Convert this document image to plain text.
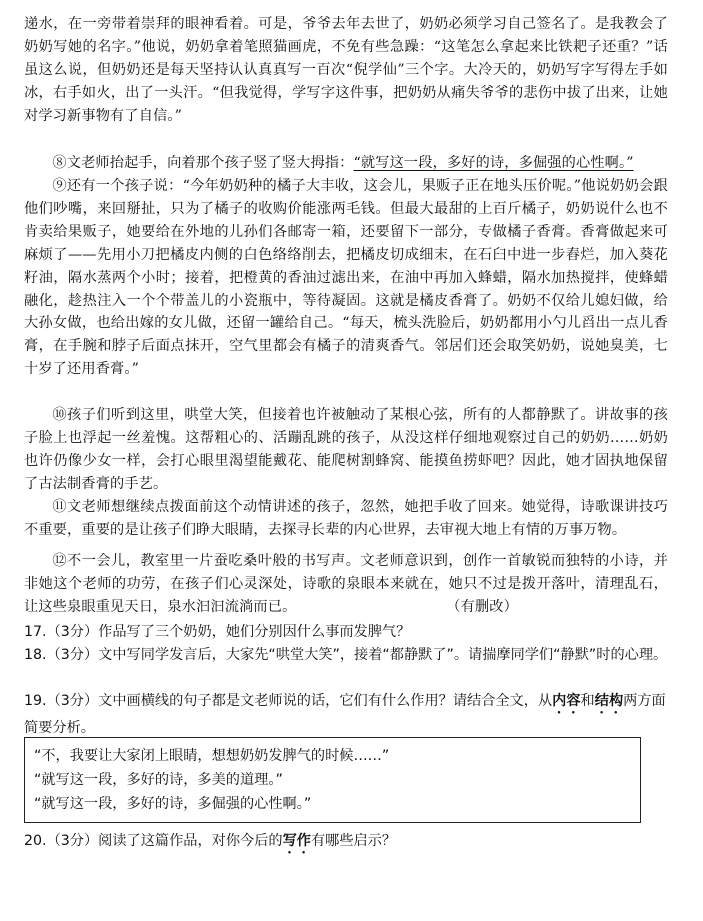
递水，在一旁带着崇拜的眼神看着。可是，爷爷去年去世了，奶奶必须学习自己签名了。是我教会了奶奶写她的名字。”他说，奶奶拿着笔照猫画虎，不免有些急躁：“这笔怎么拿起来比铁耙子还重？”话虽这么说，但奶奶还是每天坚持认认真真写一百次“倪学仙”三个字。大冷天的，奶奶写字写得左手如冰，右手如火，出了一头汗。“但我觉得，学写字这件事，把奶奶从痛失爷爷的悲伤中拔了出来，让她对学习新事物有了自信。”
⑧文老师抬起手，向着那个孩子竖了竖大拇指：“就写这一段，多好的诗，多倔强的心性啊。”
⑨还有一个孩子说：“今年奶奶种的橘子大丰收，这会儿，果贩子正在地头压价呢。”他说奶奶会跟他们吵嘴，来回掰扯，只为了橘子的收购价能涨两毛钱。但最大最甜的上百斤橘子，奶奶说什么也不肯卖给果贩子，她要给在外地的儿孙们各邮寄一箱，还要留下一部分，专做橘子香膏。香膏做起来可麻烦了——先用小刀把橘皮内侧的白色络络削去，把橘皮切成细末，在石臼中进一步舂烂，加入葵花籽油，隔水蒸两个小时；接着，把橙黄的香油过滤出来，在油中再加入蜂蜡，隔水加热搅拌，使蜂蜡融化，趁热注入一个个带盖儿的小瓷瓶中，等待凝固。这就是橘皮香膏了。奶奶不仅给儿媳妇做，给大孙女做，也给出嫁的女儿做，还留一罐给自己。“每天，梳头洗脸后，奶奶都用小勺儿舀出一点儿香膏，在手腕和脖子后面点抹开，空气里都会有橘子的清爽香气。邻居们还会取笑奶奶，说她臭美，七十岁了还用香膏。”
⑩孩子们听到这里，哄堂大笑，但接着也许被触动了某根心弦，所有的人都静默了。讲故事的孩子脸上也浮起一丝羞愧。这帮粗心的、活蹦乱跳的孩子，从没这样仔细地观察过自己的奶奶……奶奶也许仍像少女一样，会打心眼里渴望能戴花、能爬树割蜂窝、能摸鱼捞虾吧？因此，她才固执地保留了古法制香膏的手艺。
⑪文老师想继续点拨面前这个动情讲述的孩子，忽然，她把手收了回来。她觉得，诗歌课讲技巧不重要，重要的是让孩子们睁大眼睛，去探寻长辈的内心世界，去审视大地上有情的万事万物。
⑫不一会儿，教室里一片蚕吃桑叶般的书写声。文老师意识到，创作一首敏锐而独特的小诗，并非她这个老师的功劳，在孩子们心灵深处，诗歌的泉眼本来就在，她只不过是拨开落叶，清理乱石，让这些泉眼重见天日，泉水汩汩流淌而已。	（有删改）
17.（3分）作品写了三个奶奶，她们分别因什么事而发脾气？
18.（3分）文中写同学发言后，大家先“哄堂大笑”，接着“都静默了”。请揣摩同学们“静默”时的心理。
19.（3分）文中画横线的句子都是文老师说的话，它们有什么作用？请结合全文，从内容和结构两方面简要分析。
“不，我要让大家闭上眼睛，想想奶奶发脾气的时候……”
“就写这一段，多好的诗，多美的道理。”
“就写这一段，多好的诗，多倔强的心性啊。”
20.（3分）阅读了这篇作品，对你今后的写作有哪些启示？
